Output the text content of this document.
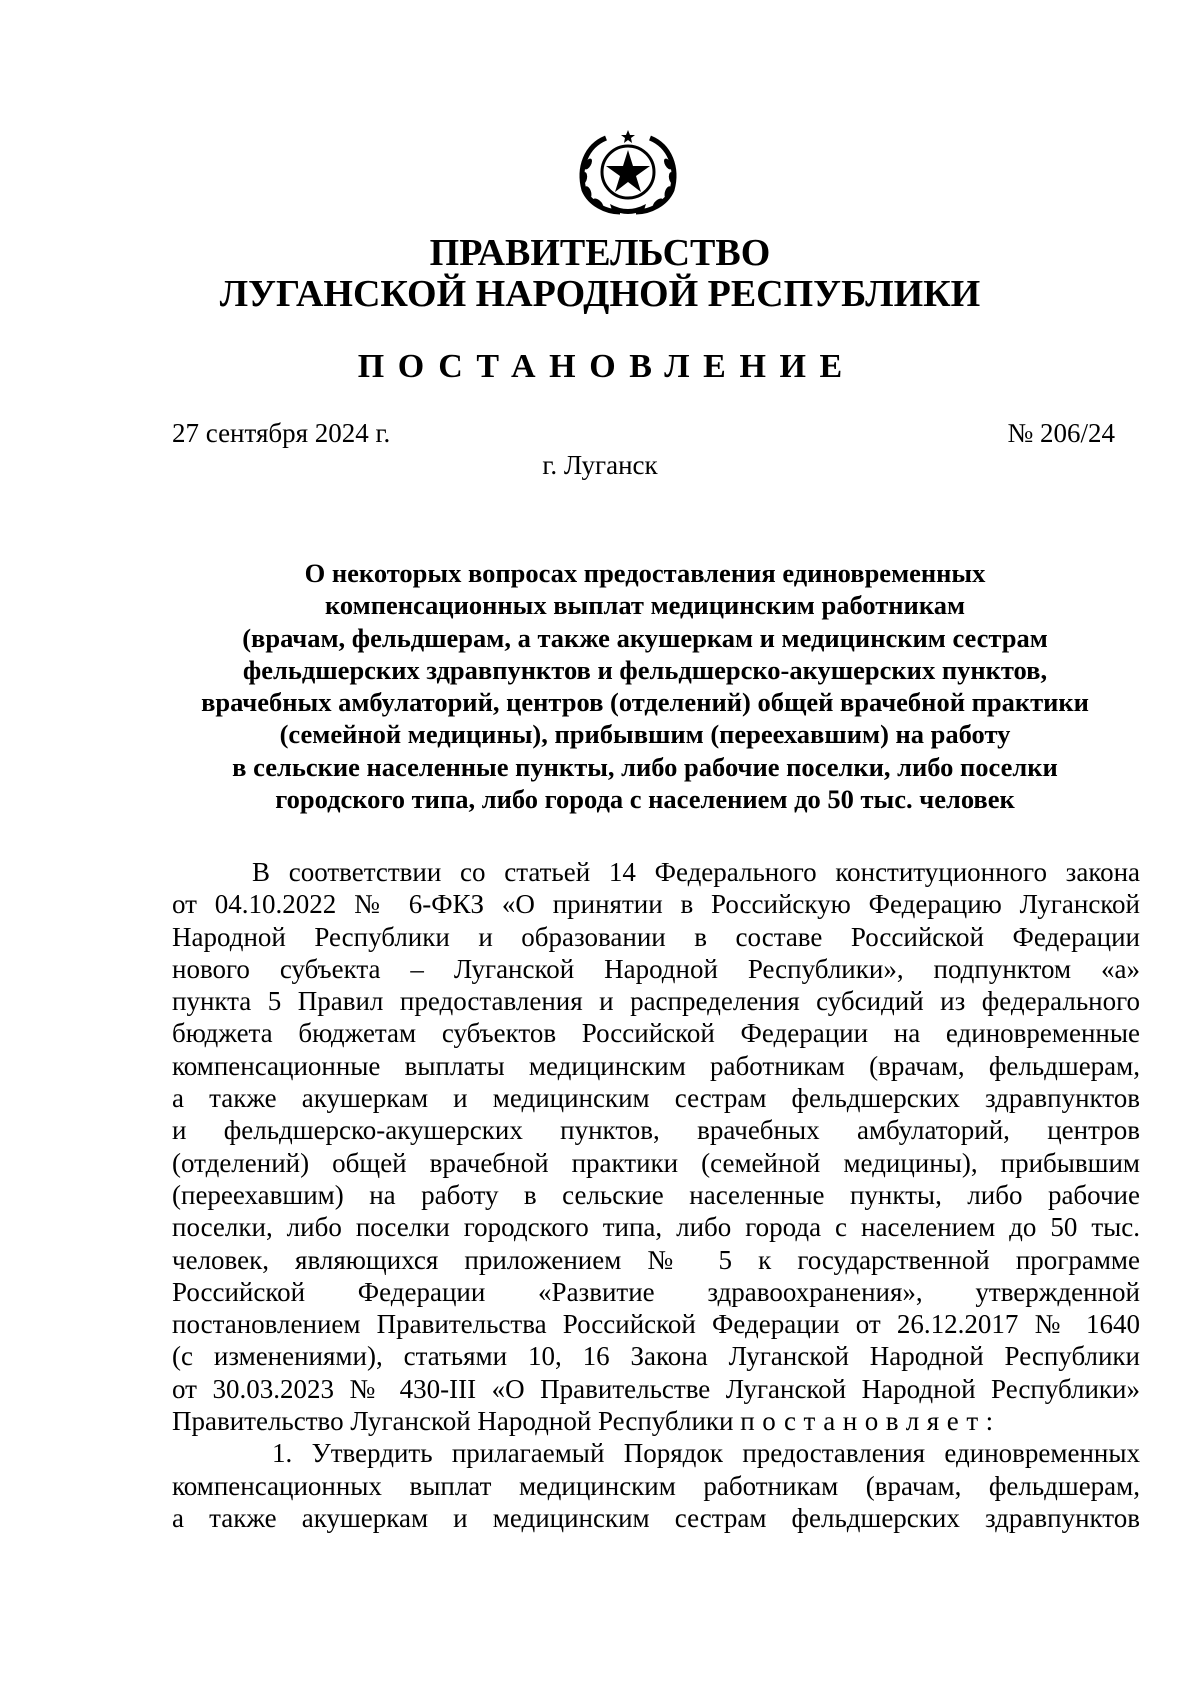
ПРАВИТЕЛЬСТВО
ЛУГАНСКОЙ НАРОДНОЙ РЕСПУБЛИКИ
ПОСТАНОВЛЕНИЕ
27 сентября 2024 г.	№ 206/24
г. Луганск
О некоторых вопросах предоставления единовременных
компенсационных выплат медицинским работникам
(врачам, фельдшерам, а также акушеркам и медицинским сестрам
фельдшерских здравпунктов и фельдшерско-акушерских пунктов,
врачебных амбулаторий, центров (отделений) общей врачебной практики
(семейной медицины), прибывшим (переехавшим) на работу
в сельские населенные пункты, либо рабочие поселки, либо поселки
городского типа, либо города с населением до 50 тыс. человек
В соответствии со статьей 14 Федерального конституционного закона
от 04.10.2022 № 6-ФКЗ «О принятии в Российскую Федерацию Луганской
Народной Республики и образовании в составе Российской Федерации
нового субъекта – Луганской Народной Республики», подпунктом «а»
пункта 5 Правил предоставления и распределения субсидий из федерального
бюджета бюджетам субъектов Российской Федерации на единовременные
компенсационные выплаты медицинским работникам (врачам, фельдшерам,
а также акушеркам и медицинским сестрам фельдшерских здравпунктов
и фельдшерско-акушерских пунктов, врачебных амбулаторий, центров
(отделений) общей врачебной практики (семейной медицины), прибывшим
(переехавшим) на работу в сельские населенные пункты, либо рабочие
поселки, либо поселки городского типа, либо города с населением до 50 тыс.
человек, являющихся приложением № 5 к государственной программе
Российской Федерации «Развитие здравоохранения», утвержденной
постановлением Правительства Российской Федерации от 26.12.2017 № 1640
(с изменениями), статьями 10, 16 Закона Луганской Народной Республики
от 30.03.2023 № 430-III «О Правительстве Луганской Народной Республики»
Правительство Луганской Народной Республики постановляет:
1. Утвердить прилагаемый Порядок предоставления единовременных
компенсационных выплат медицинским работникам (врачам, фельдшерам,
а также акушеркам и медицинским сестрам фельдшерских здравпунктов
